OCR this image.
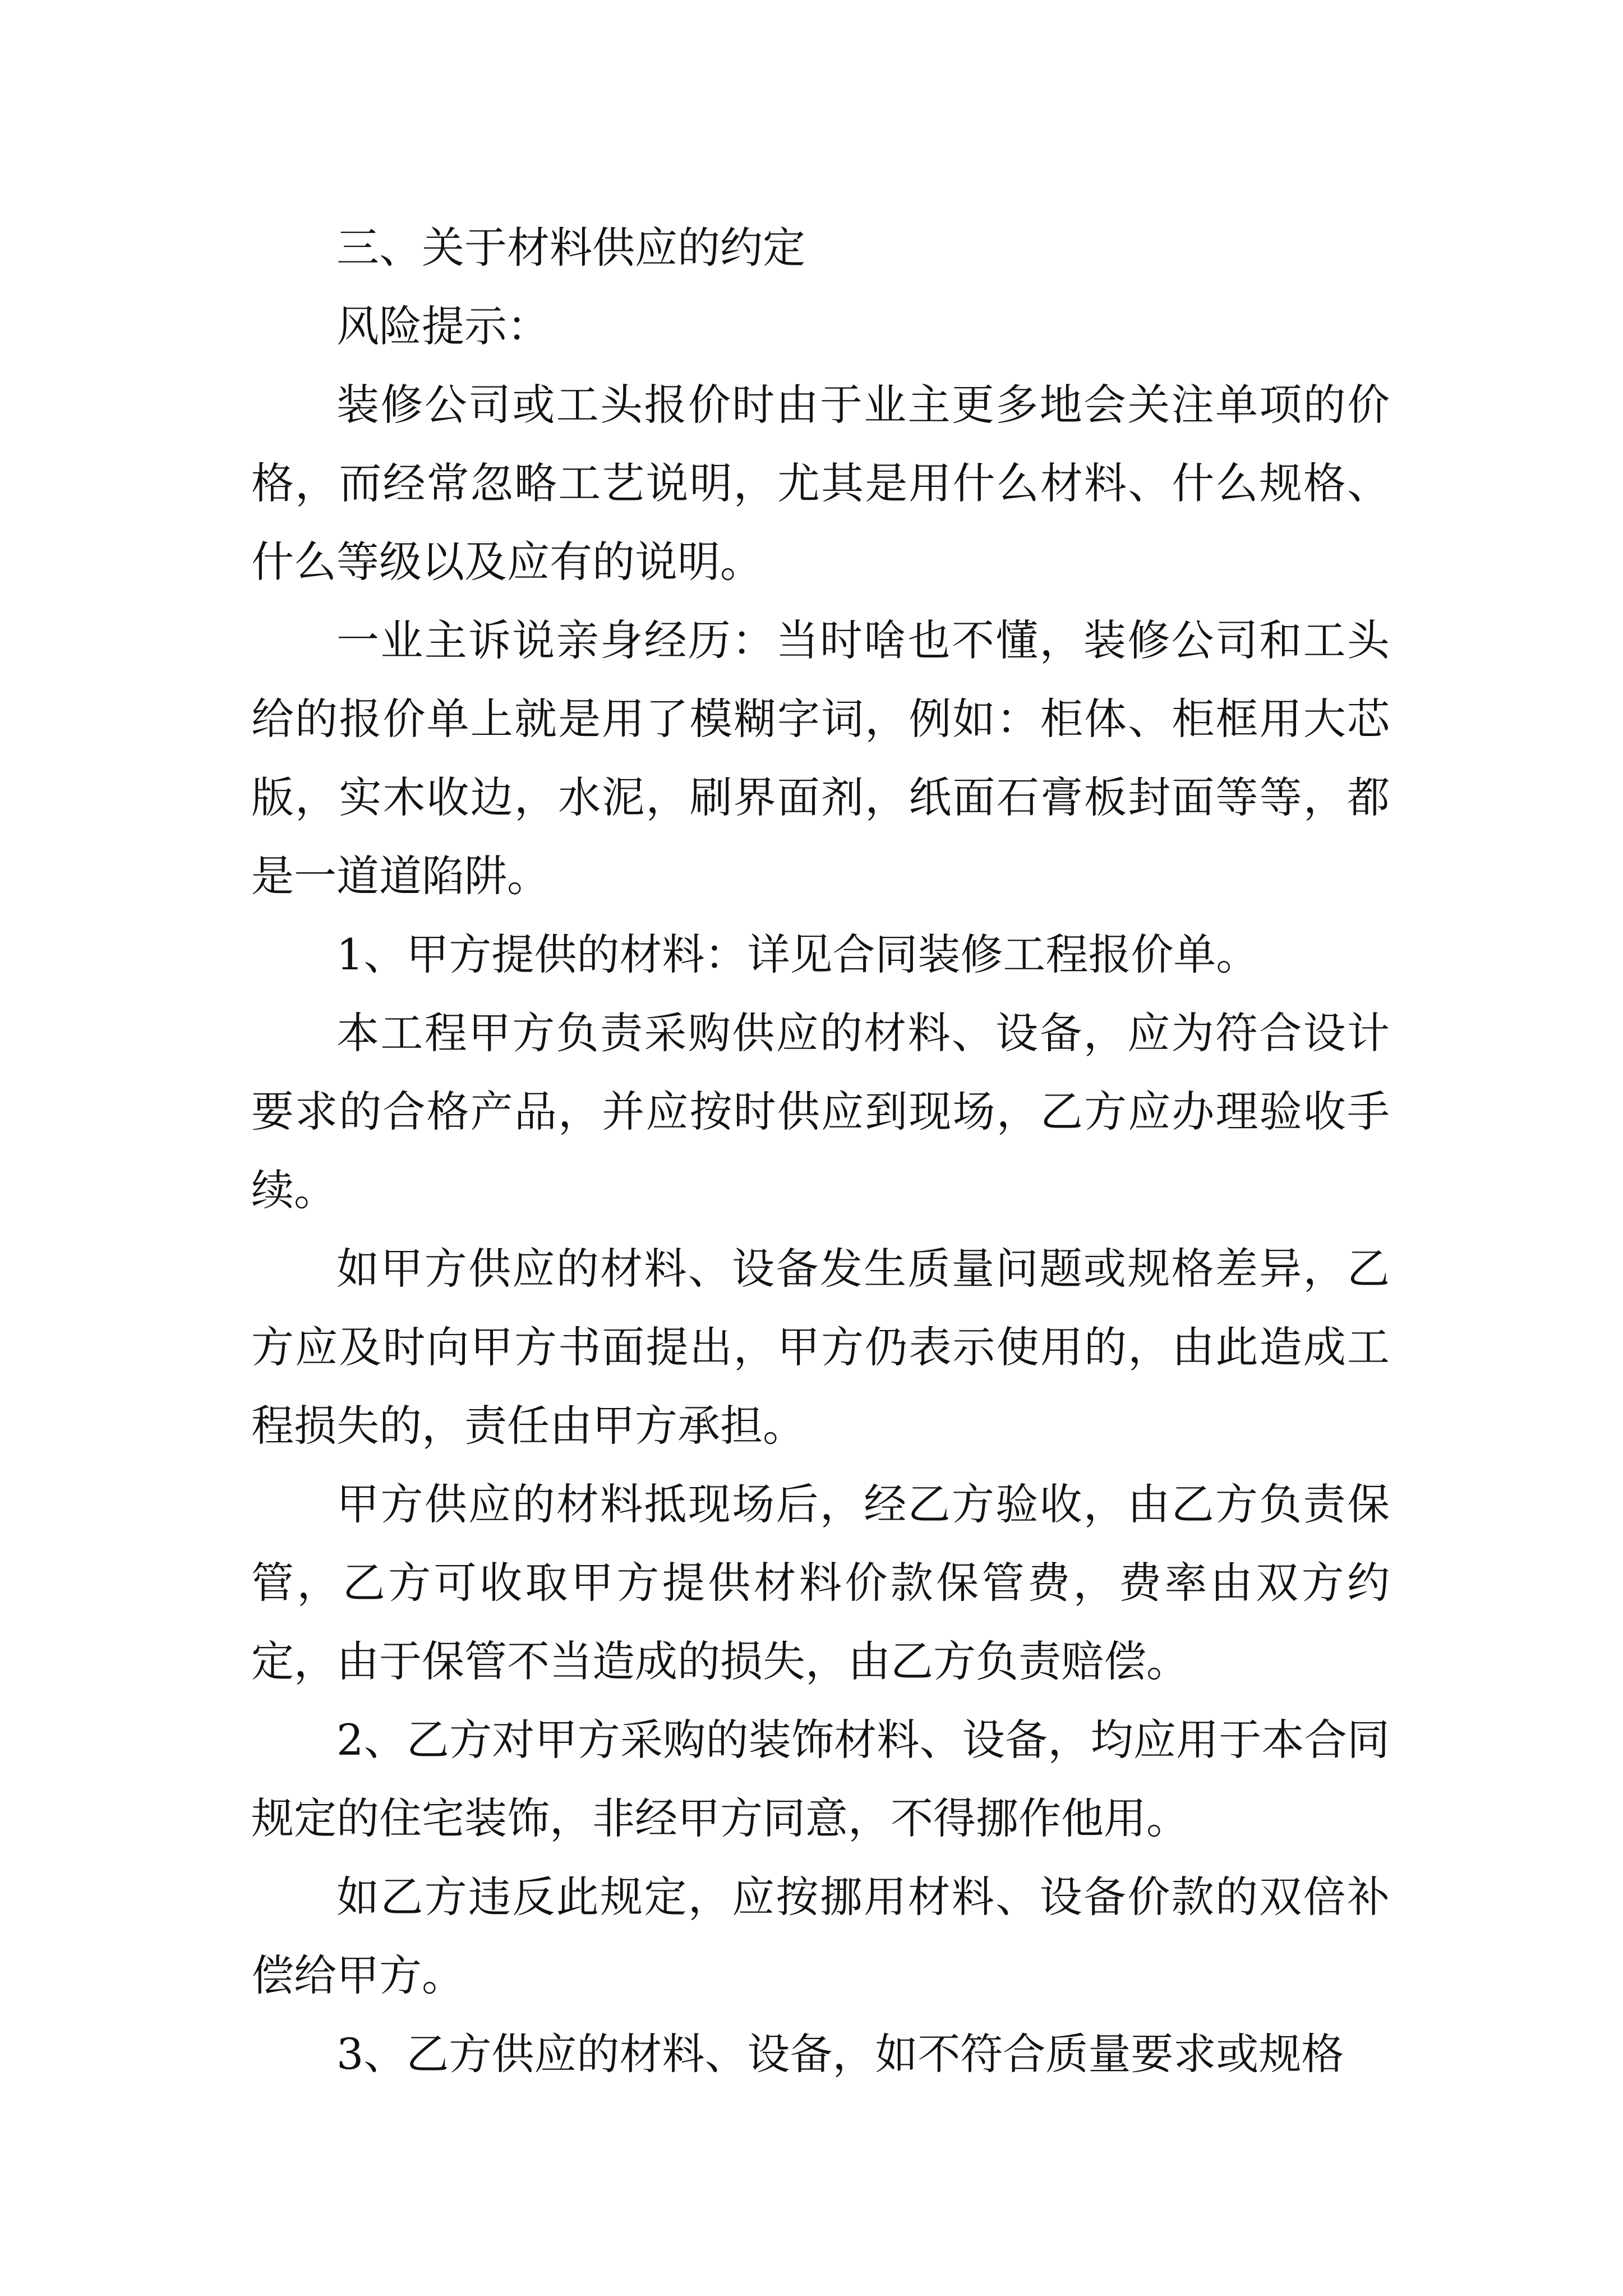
三、关于材料供应的约定

风险提示：

装修公司或工头报价时由于业主更多地会关注单项的价格，而经常忽略工艺说明，尤其是用什么材料、什么规格、什么等级以及应有的说明。

一业主诉说亲身经历：当时啥也不懂，装修公司和工头给的报价单上就是用了模糊字词，例如：柜体、柜框用大芯版，实木收边，水泥，刷界面剂，纸面石膏板封面等等，都是一道道陷阱。

1、甲方提供的材料：详见合同装修工程报价单。

本工程甲方负责采购供应的材料、设备，应为符合设计要求的合格产品，并应按时供应到现场，乙方应办理验收手续。

如甲方供应的材料、设备发生质量问题或规格差异，乙方应及时向甲方书面提出，甲方仍表示使用的，由此造成工程损失的，责任由甲方承担。

甲方供应的材料抵现场后，经乙方验收，由乙方负责保管，乙方可收取甲方提供材料价款保管费，费率由双方约定，由于保管不当造成的损失，由乙方负责赔偿。

2、乙方对甲方采购的装饰材料、设备，均应用于本合同规定的住宅装饰，非经甲方同意，不得挪作他用。

如乙方违反此规定，应按挪用材料、设备价款的双倍补偿给甲方。

3、乙方供应的材料、设备，如不符合质量要求或规格
